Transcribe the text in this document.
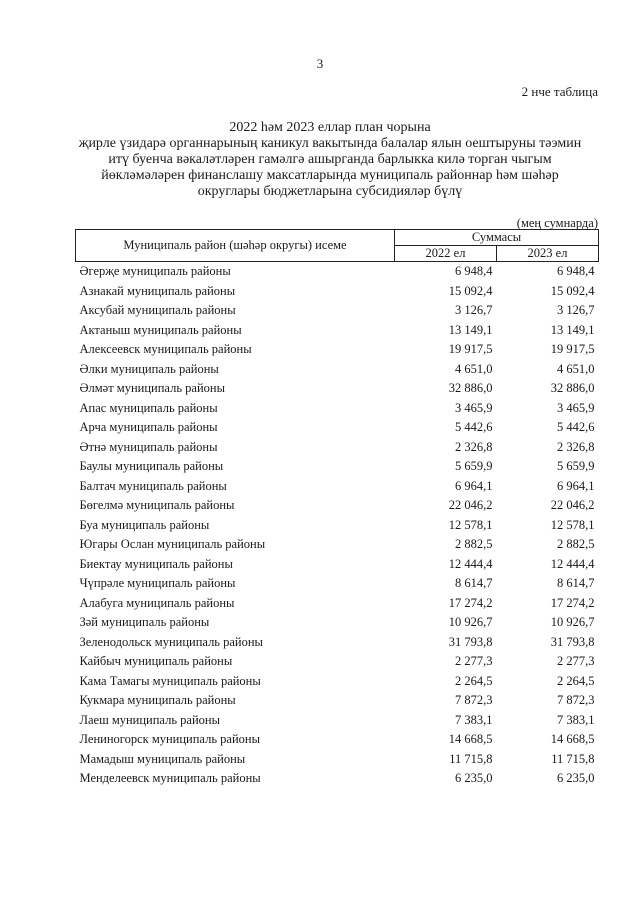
3
2 нче таблица
2022 һәм 2023 еллар план чорына
җирле үзидарә органнарының каникул вакытында балалар ялын оештыруны тәэмин
итү буенча вәкаләтләрен гамәлгә ашырганда барлыкка килә торган чыгым
йөкләмәләрен финанслашу максатларында муниципаль районнар һәм шәһәр
округлары бюджетларына субсидияләр бүлү
(мең сумнарда)
Муниципаль район (шәһәр округы) исеме	Суммасы	
	2022 ел	2023 ел
Әгерҗе муниципаль районы	6 948,4	6 948,4
Азнакай муниципаль районы	15 092,4	15 092,4
Аксубай муниципаль районы	3 126,7	3 126,7
Актаныш муниципаль районы	13 149,1	13 149,1
Алексеевск муниципаль районы	19 917,5	19 917,5
Әлки муниципаль районы	4 651,0	4 651,0
Әлмәт муниципаль районы	32 886,0	32 886,0
Апас муниципаль районы	3 465,9	3 465,9
Арча муниципаль районы	5 442,6	5 442,6
Әтнә муниципаль районы	2 326,8	2 326,8
Баулы муниципаль районы	5 659,9	5 659,9
Балтач муниципаль районы	6 964,1	6 964,1
Бөгелмә муниципаль районы	22 046,2	22 046,2
Буа муниципаль районы	12 578,1	12 578,1
Югары Ослан муниципаль районы	2 882,5	2 882,5
Биектау муниципаль районы	12 444,4	12 444,4
Чүпрәле муниципаль районы	8 614,7	8 614,7
Алабуга муниципаль районы	17 274,2	17 274,2
Зәй муниципаль районы	10 926,7	10 926,7
Зеленодольск муниципаль районы	31 793,8	31 793,8
Кайбыч муниципаль районы	2 277,3	2 277,3
Кама Тамагы муниципаль районы	2 264,5	2 264,5
Кукмара муниципаль районы	7 872,3	7 872,3
Лаеш муниципаль районы	7 383,1	7 383,1
Лениногорск муниципаль районы	14 668,5	14 668,5
Мамадыш муниципаль районы	11 715,8	11 715,8
Менделеевск муниципаль районы	6 235,0	6 235,0
